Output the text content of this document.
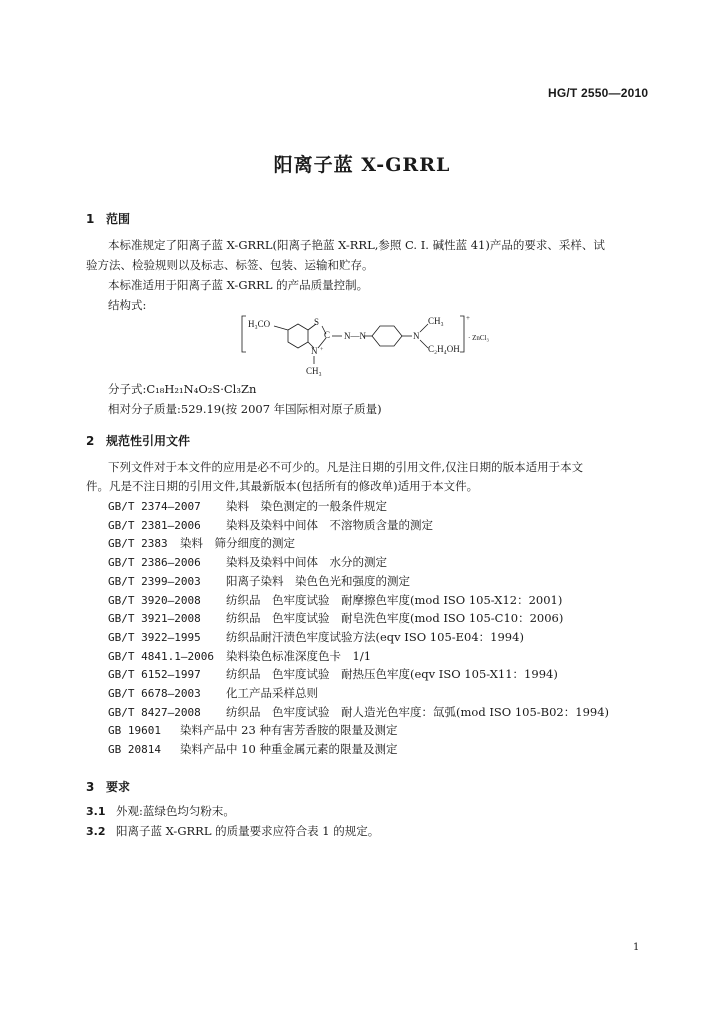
HG/T 2550—2010
阳离子蓝 X-GRRL
1 范围
本标准规定了阳离子蓝 X-GRRL(阳离子艳蓝 X-RRL,参照 C. I. 碱性蓝 41)产品的要求、采样、试
验方法、检验规则以及标志、标签、包装、运输和贮存。
本标准适用于阳离子蓝 X-GRRL 的产品质量控制。
结构式:
H₃CO	S
C
N +
CH₃
N—N	N
CH₃
C₂H₄OH
+
· ZnCl₃
分子式:C₁₈H₂₁N₄O₂S·Cl₃Zn
相对分子质量:529.19(按 2007 年国际相对原子质量)
2 规范性引用文件
下列文件对于本文件的应用是必不可少的。凡是注日期的引用文件,仅注日期的版本适用于本文
件。凡是不注日期的引用文件,其最新版本(包括所有的修改单)适用于本文件。
GB/T 2374—2007 染料　染色测定的一般条件规定
GB/T 2381—2006 染料及染料中间体　不溶物质含量的测定
GB/T 2383 染料　筛分细度的测定
GB/T 2386—2006 染料及染料中间体　水分的测定
GB/T 2399—2003 阳离子染料　染色色光和强度的测定
GB/T 3920—2008 纺织品　色牢度试验　耐摩擦色牢度(mod ISO 105-X12：2001)
GB/T 3921—2008 纺织品　色牢度试验　耐皂洗色牢度(mod ISO 105-C10：2006)
GB/T 3922—1995 纺织品耐汗渍色牢度试验方法(eqv ISO 105-E04：1994)
GB/T 4841.1—2006 染料染色标准深度色卡　1/1
GB/T 6152—1997 纺织品　色牢度试验　耐热压色牢度(eqv ISO 105-X11：1994)
GB/T 6678—2003 化工产品采样总则
GB/T 8427—2008 纺织品　色牢度试验　耐人造光色牢度：氙弧(mod ISO 105-B02：1994)
GB 19601 染料产品中 23 种有害芳香胺的限量及测定
GB 20814 染料产品中 10 种重金属元素的限量及测定
3 要求
3.1 外观:蓝绿色均匀粉末。
3.2 阳离子蓝 X-GRRL 的质量要求应符合表 1 的规定。
1
